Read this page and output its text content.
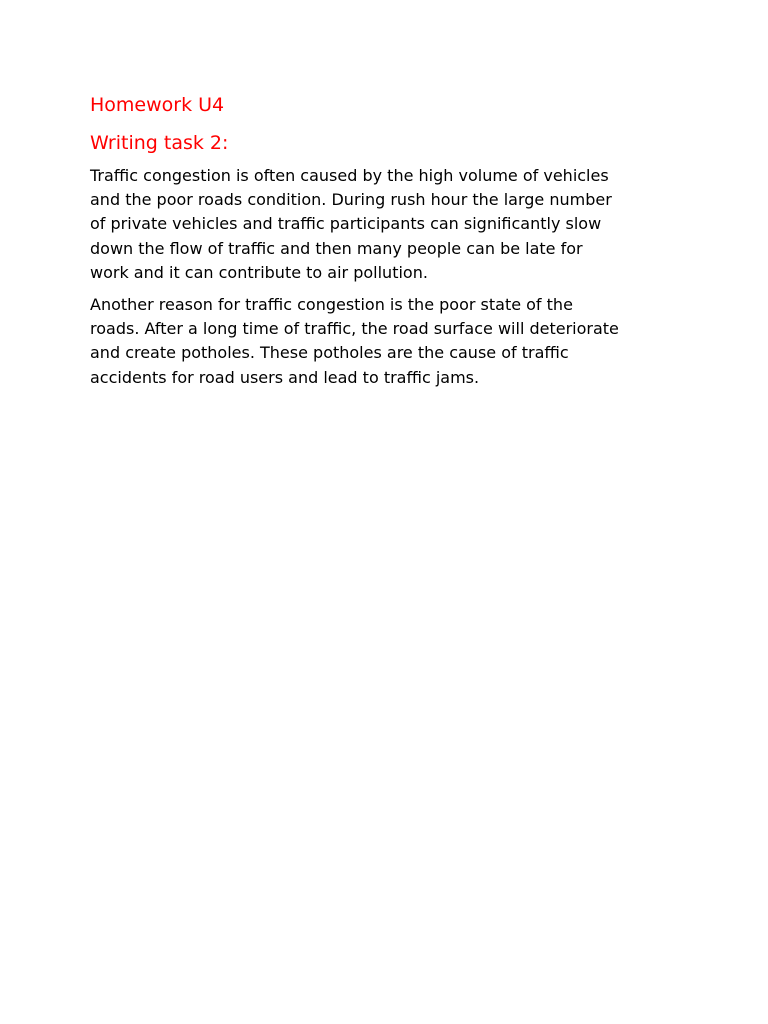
Homework U4
Writing task 2:

Traffic congestion is often caused by the high volume of vehicles
and the poor roads condition. During rush hour the large number
of private vehicles and traffic participants can significantly slow
down the flow of traffic and then many people can be late for
work and it can contribute to air pollution.

Another reason for traffic congestion is the poor state of the
roads. After a long time of traffic, the road surface will deteriorate
and create potholes. These potholes are the cause of traffic
accidents for road users and lead to traffic jams.
